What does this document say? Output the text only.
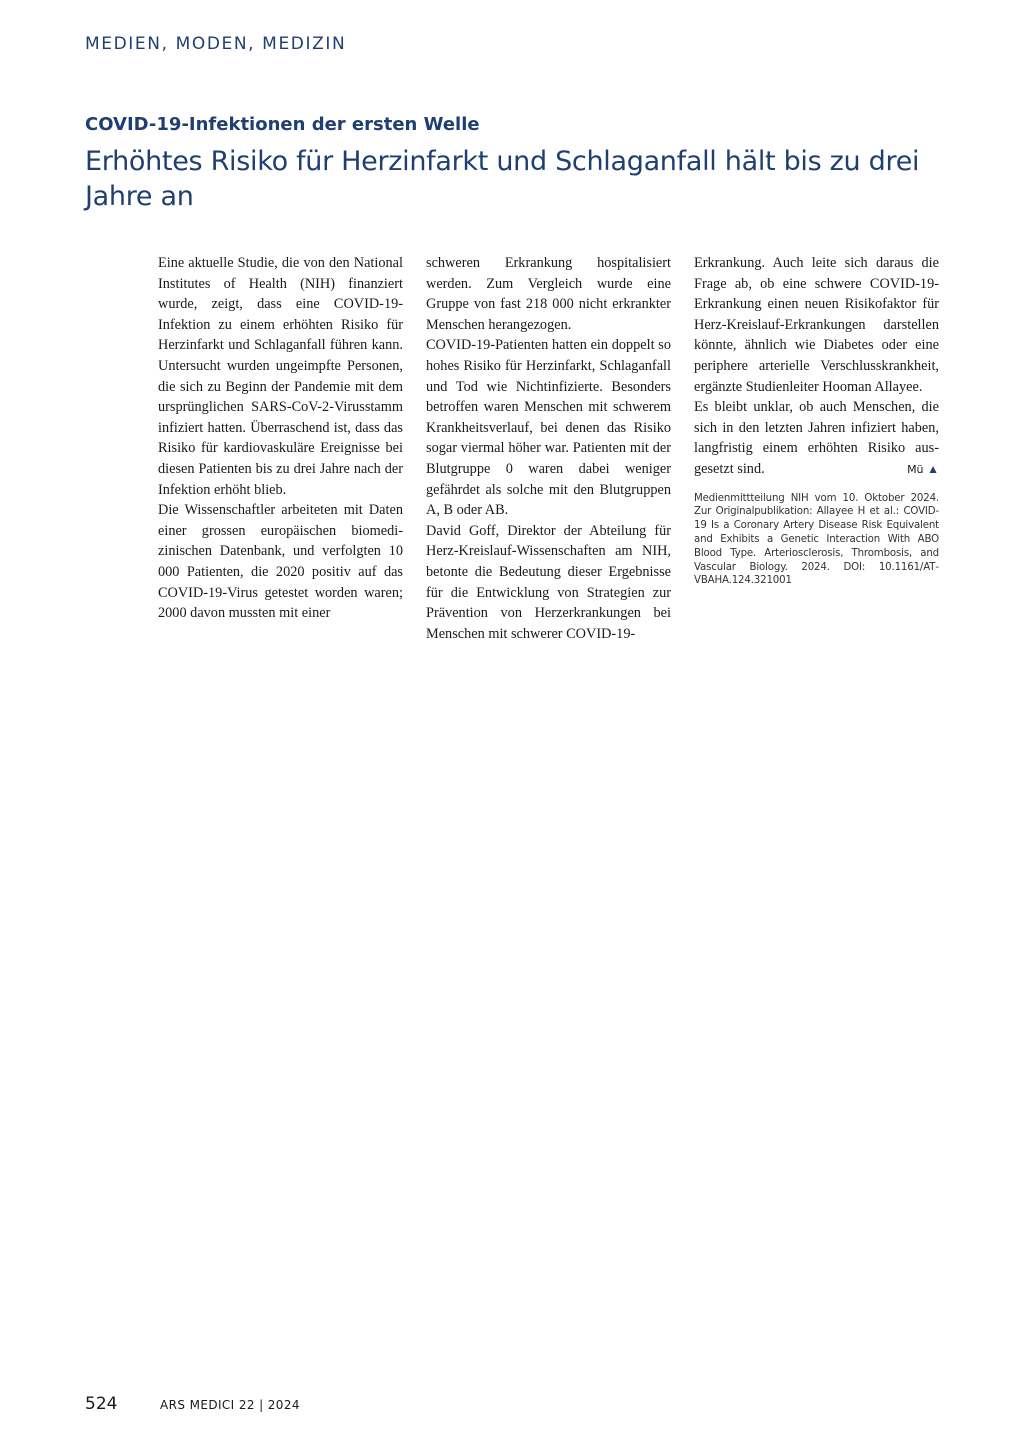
MEDIEN, MODEN, MEDIZIN
COVID-19-Infektionen der ersten Welle
Erhöhtes Risiko für Herzinfarkt und Schlaganfall hält bis zu drei Jahre an

Eine aktuelle Studie, die von den National Institutes of Health (NIH) finanziert wurde, zeigt, dass eine COVID-19-Infektion zu einem erhöhten Risiko für Herzinfarkt und Schlaganfall führen kann. Untersucht wurden ungeimpfte Personen, die sich zu Beginn der Pandemie mit dem ursprünglichen SARS-CoV-2-Virusstamm infiziert hatten. Überraschend ist, dass das Risiko für kardiovaskuläre Ereignisse bei diesen Patienten bis zu drei Jahre nach der Infektion erhöht blieb.

Die Wissenschaftler arbeiteten mit Daten einer grossen europäischen biomedizinischen Datenbank, und verfolgten 10 000 Patienten, die 2020 positiv auf das COVID-19-Virus getestet worden waren; 2000 davon mussten mit einer

schweren Erkrankung hospitalisiert werden. Zum Vergleich wurde eine Gruppe von fast 218 000 nicht erkrankter Menschen herangezogen.

COVID-19-Patienten hatten ein doppelt so hohes Risiko für Herzinfarkt, Schlaganfall und Tod wie Nichtinfizierte. Besonders betroffen waren Menschen mit schwerem Krankheitsverlauf, bei denen das Risiko sogar viermal höher war. Patienten mit der Blutgruppe 0 waren dabei weniger gefährdet als solche mit den Blutgruppen A, B oder AB.

David Goff, Direktor der Abteilung für Herz-Kreislauf-Wissenschaften am NIH, betonte die Bedeutung dieser Ergebnisse für die Entwicklung von Strategien zur Prävention von Herzerkrankungen bei Menschen mit schwerer COVID-19-

Erkrankung. Auch leite sich daraus die Frage ab, ob eine schwere COVID-19-Erkrankung einen neuen Risikofaktor für Herz-Kreislauf-Erkrankungen darstellen könnte, ähnlich wie Diabetes oder eine periphere arterielle Verschlusskrankheit, ergänzte Studienleiter Hooman Allayee.

Es bleibt unklar, ob auch Menschen, die sich in den letzten Jahren infiziert haben, langfristig einem erhöhten Risiko ausgesetzt sind.	Mü ▲

Medienmittteilung NIH vom 10. Oktober 2024. Zur Originalpublikation: Allayee H et al.: COVID-19 Is a Coronary Artery Disease Risk Equivalent and Exhibits a Genetic Interaction With ABO Blood Type. Arteriosclerosis, Thrombosis, and Vascular Biology. 2024. DOI: 10.1161/ATVBAHA.124.321001

524	ARS MEDICI 22 | 2024
